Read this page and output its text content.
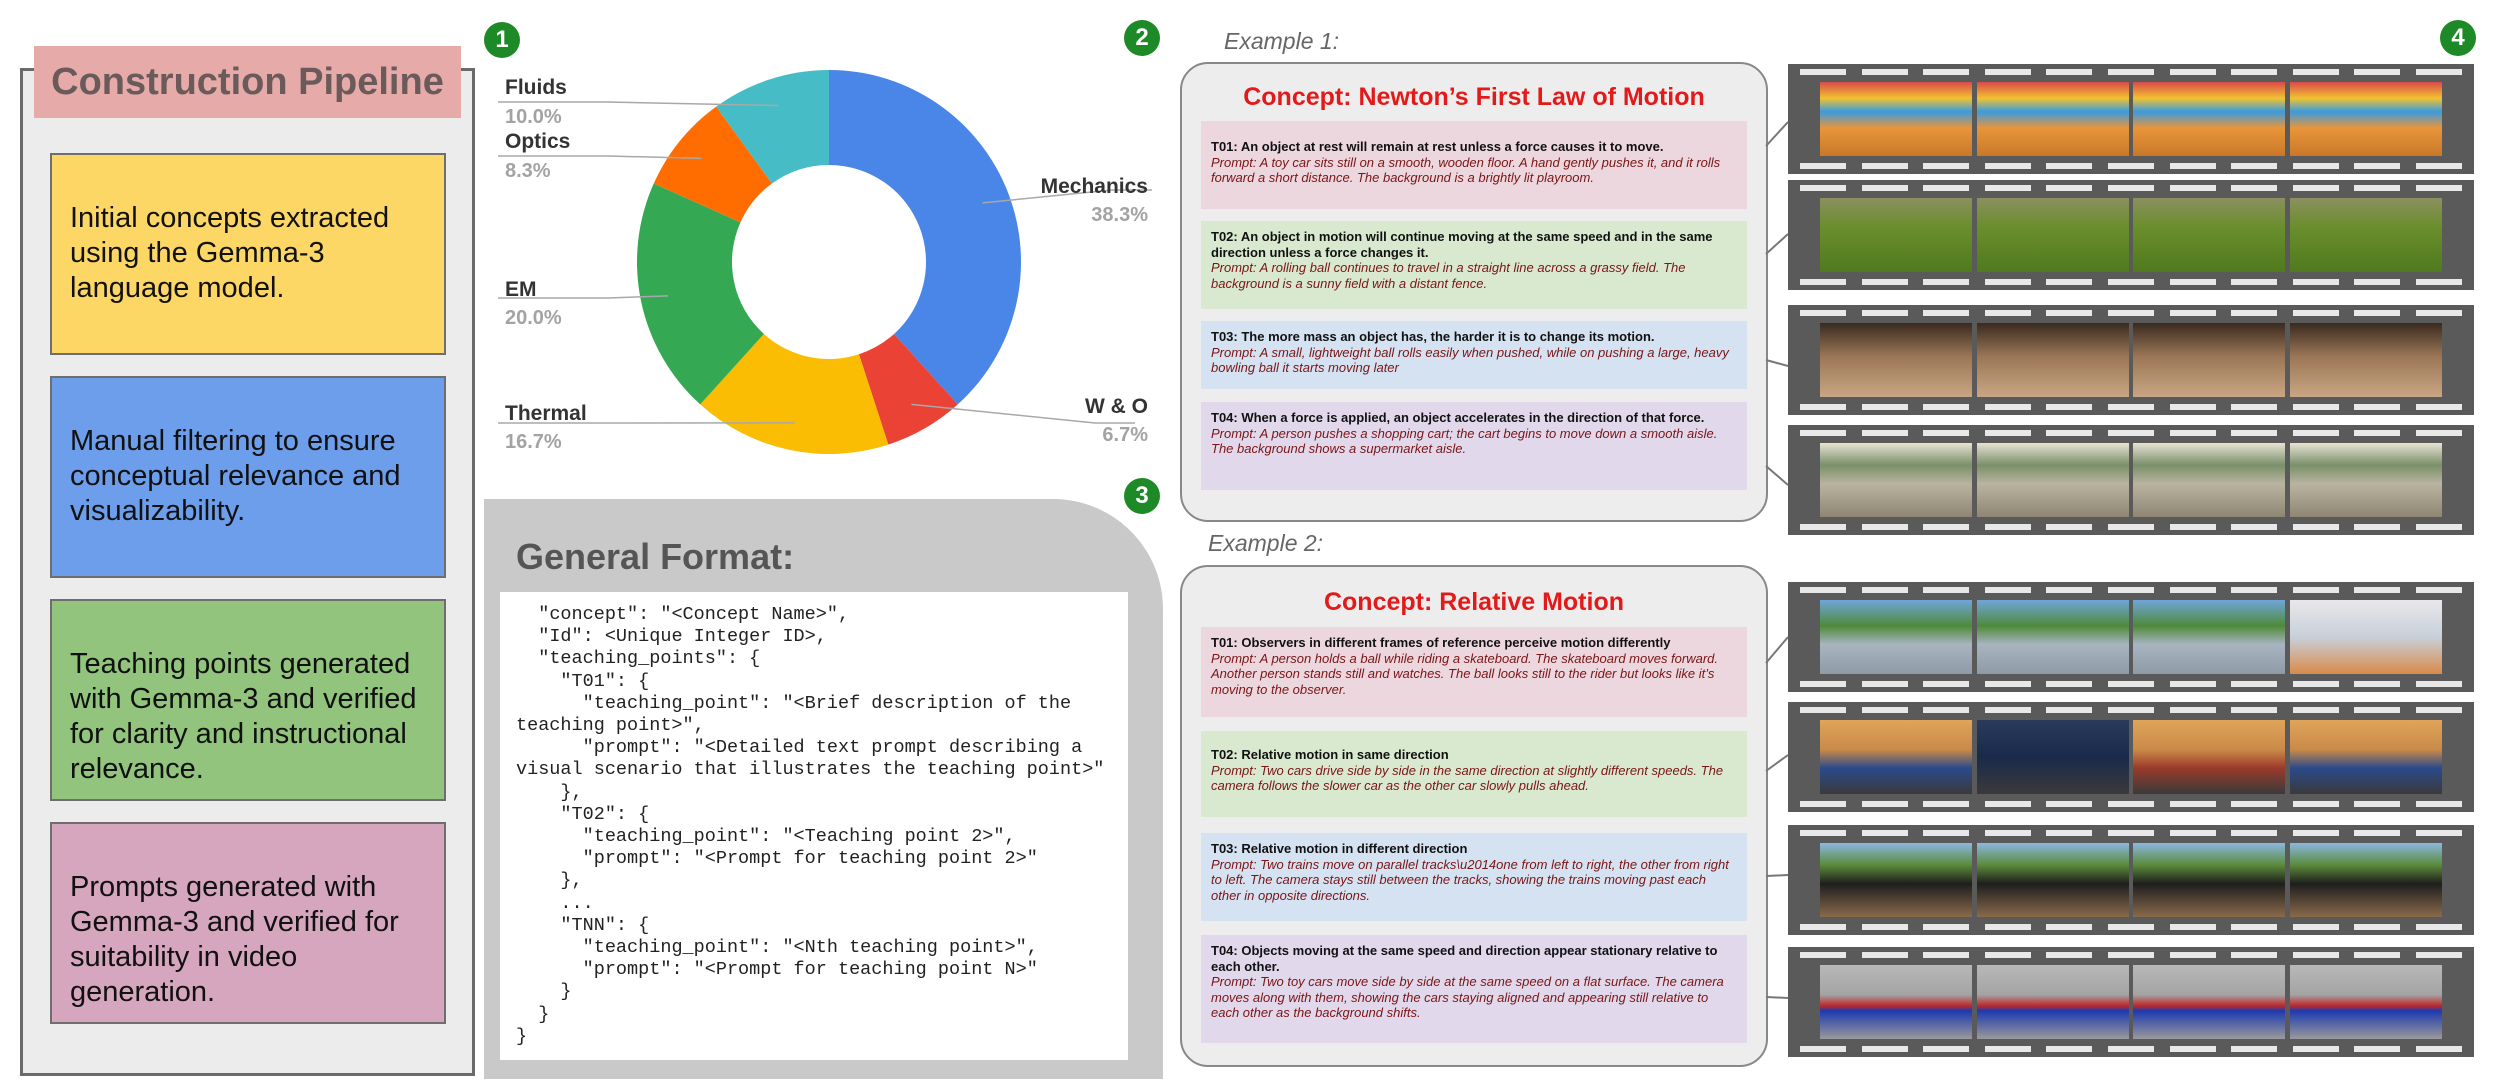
1	2
3
4
Construction Pipeline
Initial concepts extracted using the Gemma-3 language model.
Manual filtering to ensure conceptual relevance and visualizability.
Teaching points generated with Gemma-3 and verified for clarity and instructional relevance.
Prompts generated with Gemma-3 and verified for suitability in video generation.
Fluids
10.0%
Optics
8.3%
EM
20.0%
Thermal
16.7%
Mechanics
38.3%
W & O
6.7%
General Format:
"concept": "<Concept Name>",
"Id": <Unique Integer ID>,
"teaching_points": {
"T01": {
"teaching_point": "<Brief description of the teaching point>",
"prompt": "<Detailed text prompt describing a visual scenario that illustrates the teaching point>"
},
"T02": {
"teaching_point": "<Teaching point 2>",
"prompt": "<Prompt for teaching point 2>"
},
...
"TNN": {
"teaching_point": "<Nth teaching point>",
"prompt": "<Prompt for teaching point N>"
}
}
}
Example 1:
Concept: Newton’s First Law of Motion
T01: An object at rest will remain at rest unless a force causes it to move.
Prompt: A toy car sits still on a smooth, wooden floor. A hand gently pushes it, and it rolls forward a short distance. The background is a brightly lit playroom.
T02: An object in motion will continue moving at the same speed and in the same direction unless a force changes it.
Prompt: A rolling ball continues to travel in a straight line across a grassy field. The background is a sunny field with a distant fence.
T03: The more mass an object has, the harder it is to change its motion.
Prompt: A small, lightweight ball rolls easily when pushed, while on pushing a large, heavy bowling ball it starts moving later
T04: When a force is applied, an object accelerates in the direction of that force.
Prompt: A person pushes a shopping cart; the cart begins to move down a smooth aisle. The background shows a supermarket aisle.
Example 2:
Concept: Relative Motion
T01: Observers in different frames of reference perceive motion differently
Prompt: A person holds a ball while riding a skateboard. The skateboard moves forward. Another person stands still and watches. The ball looks still to the rider but looks like it’s moving to the observer.
T02: Relative motion in same direction
Prompt: Two cars drive side by side in the same direction at slightly different speeds. The camera follows the slower car as the other car slowly pulls ahead.
T03: Relative motion in different direction
Prompt: Two trains move on parallel tracks\u2014one from left to right, the other from right to left. The camera stays still between the tracks, showing the trains moving past each other in opposite directions.
T04: Objects moving at the same speed and direction appear stationary relative to each other.
Prompt: Two toy cars move side by side at the same speed on a flat surface. The camera moves along with them, showing the cars staying aligned and appearing still relative to each other as the background shifts.
